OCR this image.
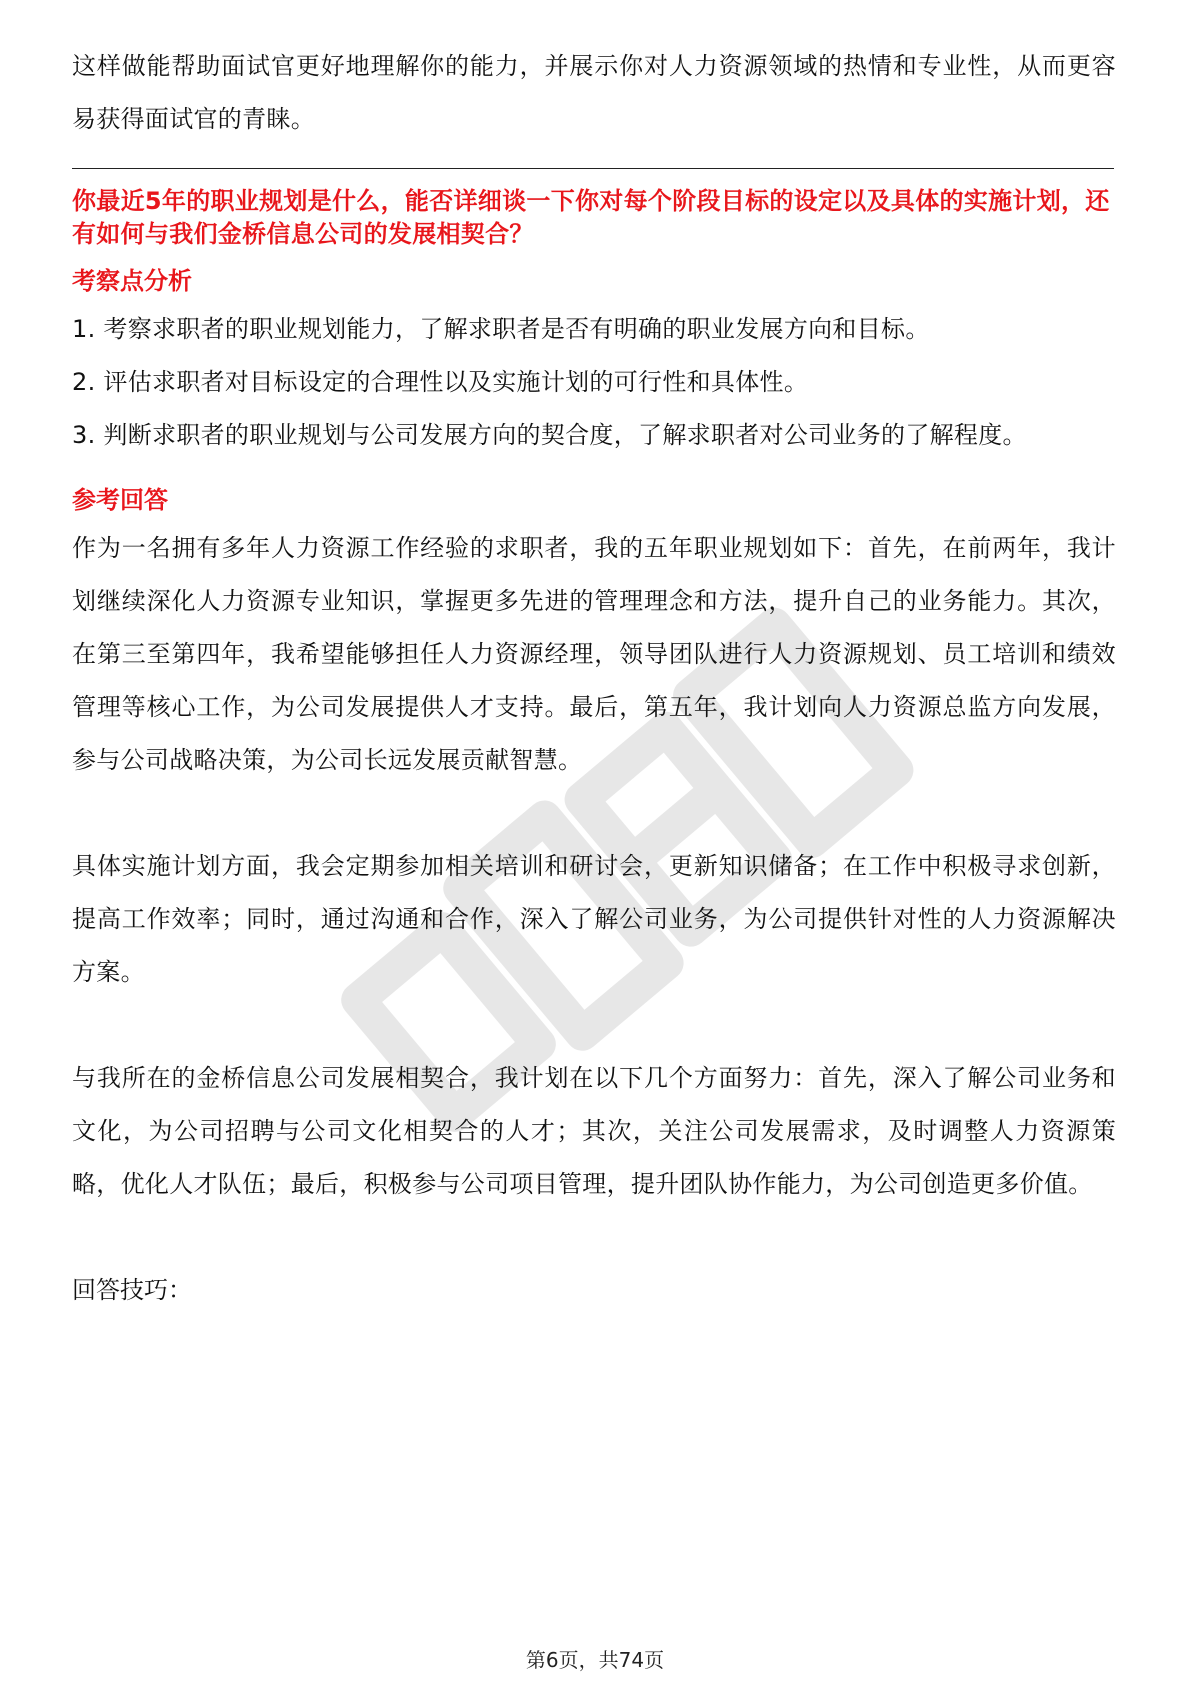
这样做能帮助面试官更好地理解你的能力，并展示你对人力资源领域的热情和专业性，从而更容易获得面试官的青睐。

你最近5年的职业规划是什么，能否详细谈一下你对每个阶段目标的设定以及具体的实施计划，还有如何与我们金桥信息公司的发展相契合？

考察点分析

1. 考察求职者的职业规划能力，了解求职者是否有明确的职业发展方向和目标。

2. 评估求职者对目标设定的合理性以及实施计划的可行性和具体性。

3. 判断求职者的职业规划与公司发展方向的契合度，了解求职者对公司业务的了解程度。

参考回答

作为一名拥有多年人力资源工作经验的求职者，我的五年职业规划如下：首先，在前两年，我计划继续深化人力资源专业知识，掌握更多先进的管理理念和方法，提升自己的业务能力。其次，在第三至第四年，我希望能够担任人力资源经理，领导团队进行人力资源规划、员工培训和绩效管理等核心工作，为公司发展提供人才支持。最后，第五年，我计划向人力资源总监方向发展，参与公司战略决策，为公司长远发展贡献智慧。

具体实施计划方面，我会定期参加相关培训和研讨会，更新知识储备；在工作中积极寻求创新，提高工作效率；同时，通过沟通和合作，深入了解公司业务，为公司提供针对性的人力资源解决方案。

与我所在的金桥信息公司发展相契合，我计划在以下几个方面努力：首先，深入了解公司业务和文化，为公司招聘与公司文化相契合的人才；其次，关注公司发展需求，及时调整人力资源策略，优化人才队伍；最后，积极参与公司项目管理，提升团队协作能力，为公司创造更多价值。

回答技巧：

第6页，共74页
